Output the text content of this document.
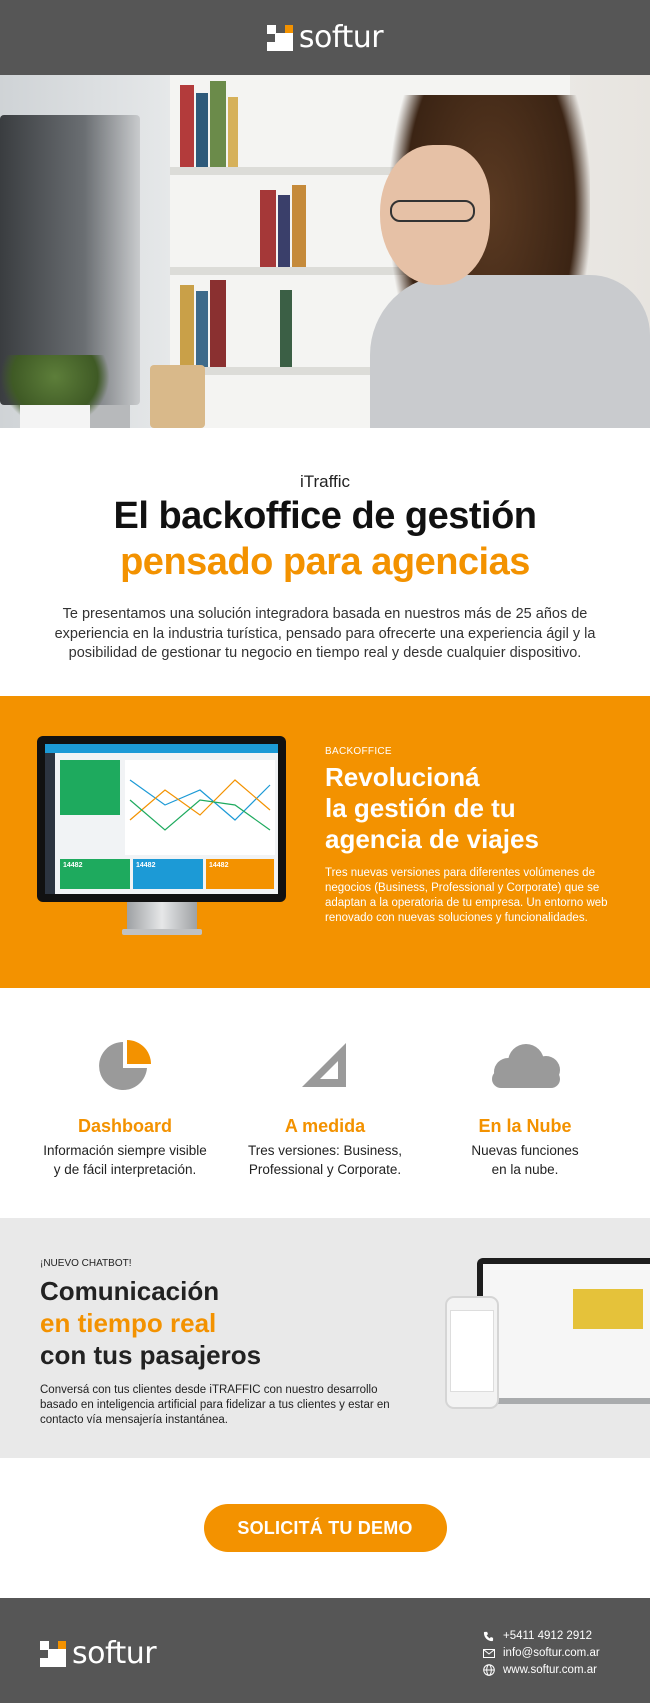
softur
iTraffic
El backoffice de gestión
pensado para agencias

Te presentamos una solución integradora basada en nuestros más de 25 años de experiencia en la industria turística, pensado para ofrecerte una experiencia ágil y la posibilidad de gestionar tu negocio en tiempo real y desde cualquier dispositivo.

14482	14482	14482
BACKOFFICE
Revolucioná
la gestión de tu
agencia de viajes

Tres nuevas versiones para diferentes volúmenes de negocios (Business, Professional y Corporate) que se adaptan a la operatoria de tu empresa. Un entorno web renovado con nuevas soluciones y funcionalidades.

Dashboard

Información siempre visible
y de fácil interpretación.

A medida

Tres versiones: Business,
Professional y Corporate.

En la Nube

Nuevas funciones
en la nube.

¡NUEVO CHATBOT!
Comunicación
en tiempo real
con tus pasajeros

Conversá con tus clientes desde iTRAFFIC con nuestro desarrollo basado en inteligencia artificial para fidelizar a tus clientes y estar en contacto vía mensajería instantánea.

SOLICITÁ TU DEMO
softur	+5411 4912 2912
info@softur.com.ar
www.softur.com.ar
